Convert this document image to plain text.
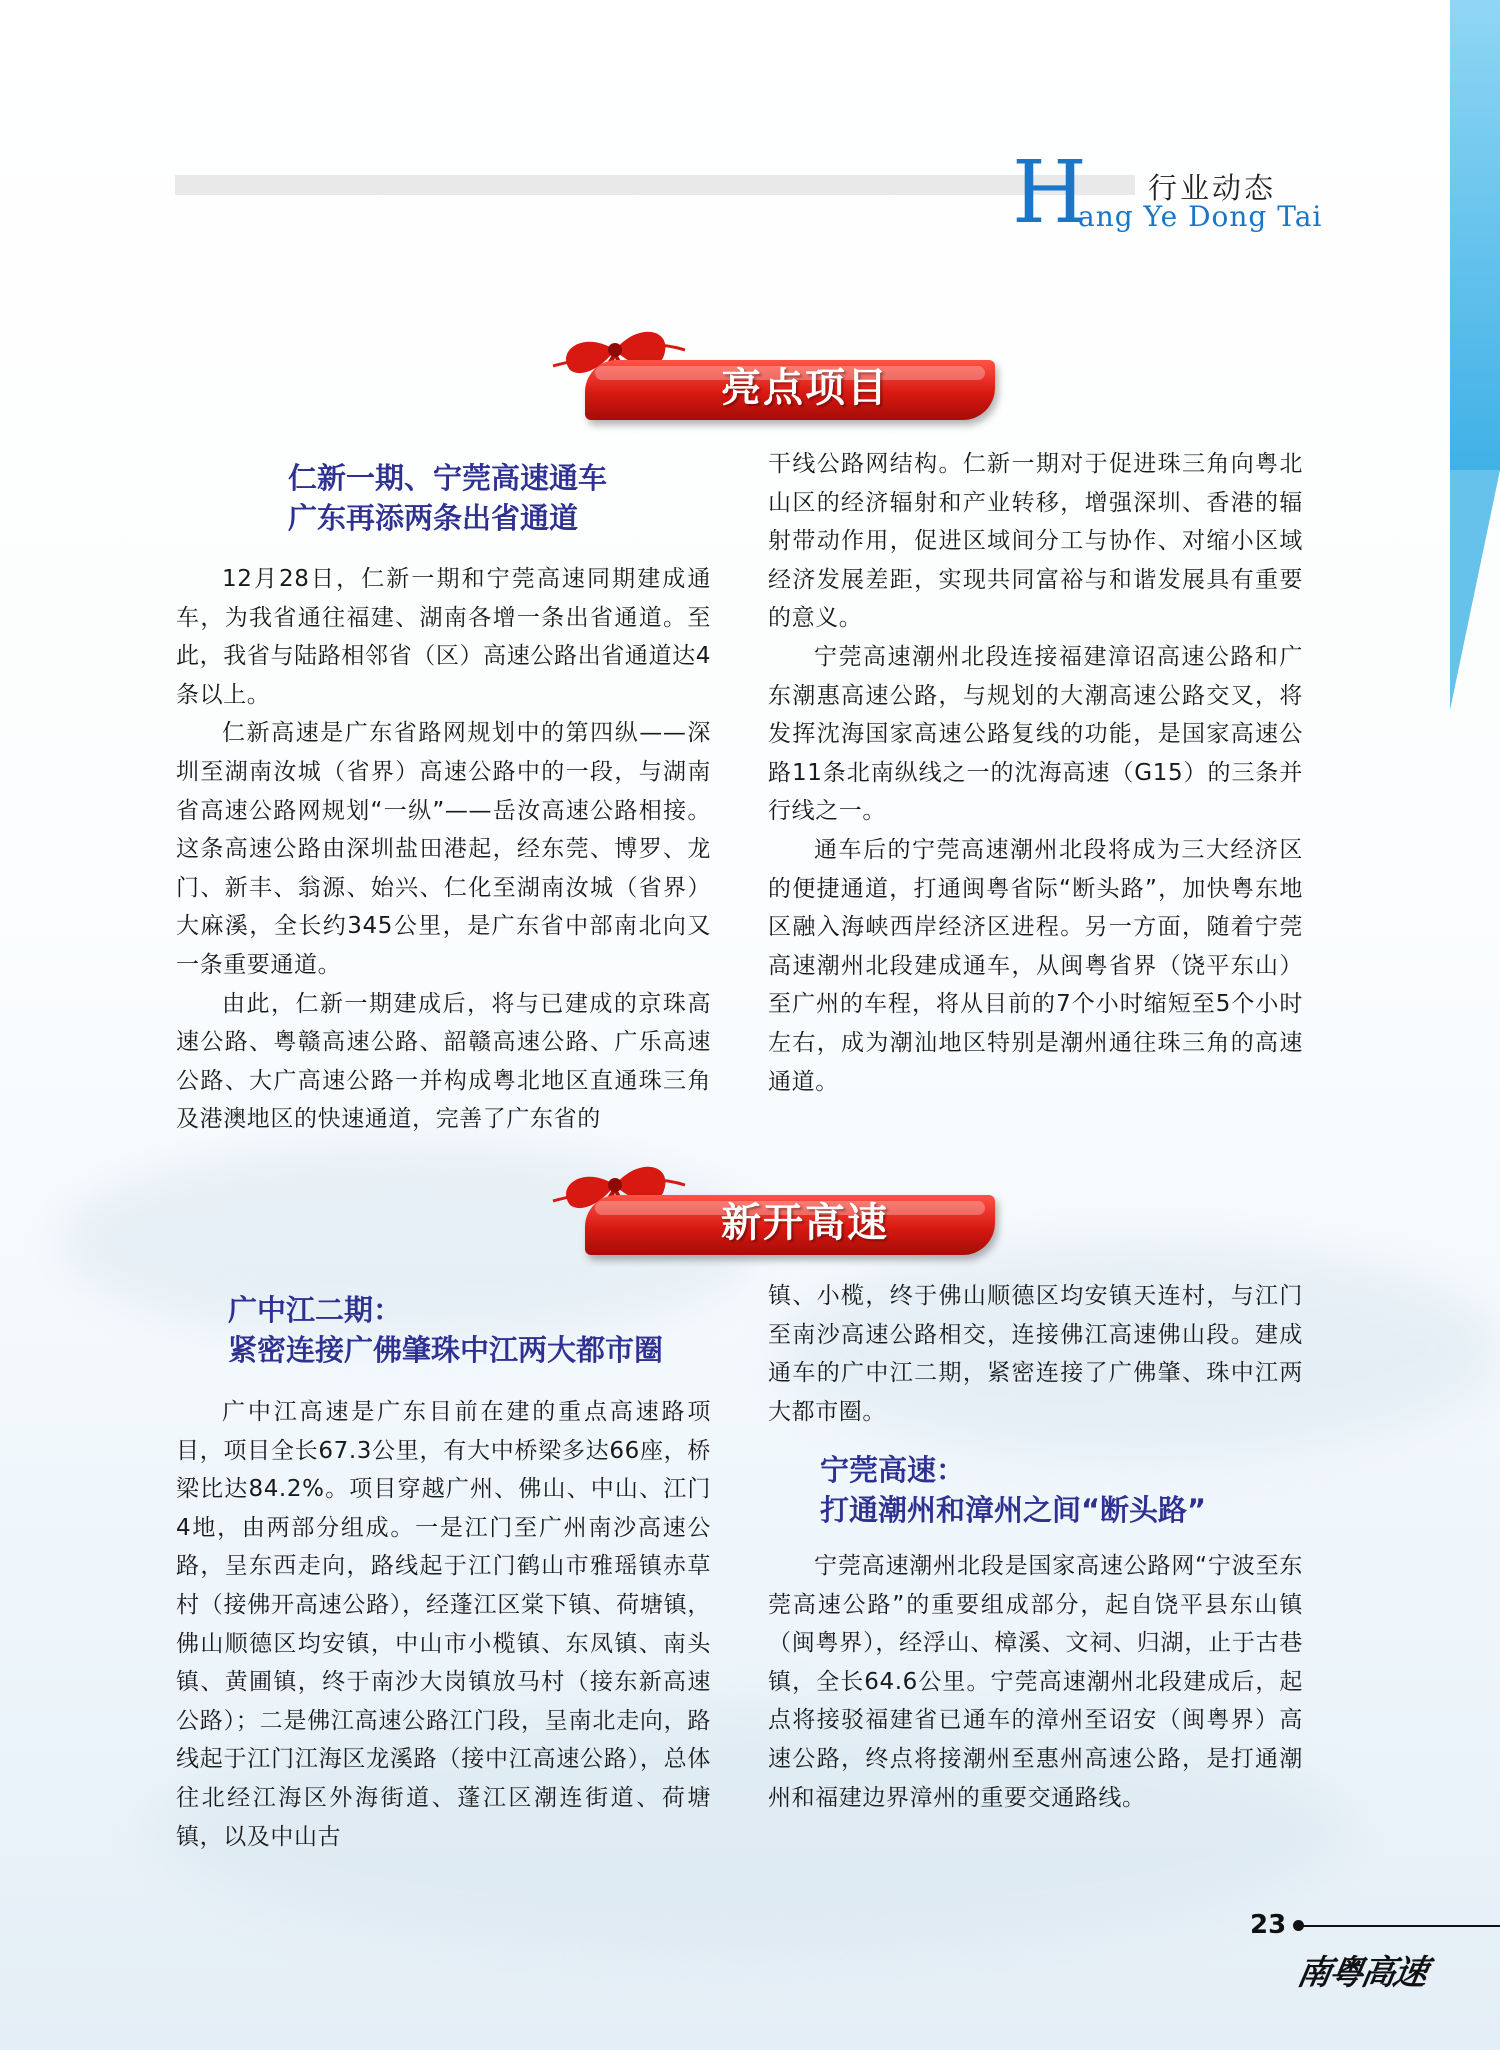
H 行业动态
ang Ye Dong Tai
亮点项目
仁新一期、宁莞高速通车
广东再添两条出省通道

12月28日，仁新一期和宁莞高速同期建成通车，为我省通往福建、湖南各增一条出省通道。至此，我省与陆路相邻省（区）高速公路出省通道达4条以上。

仁新高速是广东省路网规划中的第四纵——深圳至湖南汝城（省界）高速公路中的一段，与湖南省高速公路网规划“一纵”——岳汝高速公路相接。这条高速公路由深圳盐田港起，经东莞、博罗、龙门、新丰、翁源、始兴、仁化至湖南汝城（省界）大麻溪，全长约345公里，是广东省中部南北向又一条重要通道。

由此，仁新一期建成后，将与已建成的京珠高速公路、粤赣高速公路、韶赣高速公路、广乐高速公路、大广高速公路一并构成粤北地区直通珠三角及港澳地区的快速通道，完善了广东省的

干线公路网结构。仁新一期对于促进珠三角向粤北山区的经济辐射和产业转移，增强深圳、香港的辐射带动作用，促进区域间分工与协作、对缩小区域经济发展差距，实现共同富裕与和谐发展具有重要的意义。

宁莞高速潮州北段连接福建漳诏高速公路和广东潮惠高速公路，与规划的大潮高速公路交叉，将发挥沈海国家高速公路复线的功能，是国家高速公路11条北南纵线之一的沈海高速（G15）的三条并行线之一。

通车后的宁莞高速潮州北段将成为三大经济区的便捷通道，打通闽粤省际“断头路”，加快粤东地区融入海峡西岸经济区进程。另一方面，随着宁莞高速潮州北段建成通车，从闽粤省界（饶平东山）至广州的车程，将从目前的7个小时缩短至5个小时左右，成为潮汕地区特别是潮州通往珠三角的高速通道。

新开高速
广中江二期：
紧密连接广佛肇珠中江两大都市圈

广中江高速是广东目前在建的重点高速路项目，项目全长67.3公里，有大中桥梁多达66座，桥梁比达84.2%。项目穿越广州、佛山、中山、江门4地，由两部分组成。一是江门至广州南沙高速公路，呈东西走向，路线起于江门鹤山市雅瑶镇赤草村（接佛开高速公路），经蓬江区棠下镇、荷塘镇，佛山顺德区均安镇，中山市小榄镇、东凤镇、南头镇、黄圃镇，终于南沙大岗镇放马村（接东新高速公路）；二是佛江高速公路江门段，呈南北走向，路线起于江门江海区龙溪路（接中江高速公路），总体往北经江海区外海街道、蓬江区潮连街道、荷塘镇，以及中山古

镇、小榄，终于佛山顺德区均安镇天连村，与江门至南沙高速公路相交，连接佛江高速佛山段。建成通车的广中江二期，紧密连接了广佛肇、珠中江两大都市圈。

宁莞高速：
打通潮州和漳州之间“断头路”

宁莞高速潮州北段是国家高速公路网“宁波至东莞高速公路”的重要组成部分，起自饶平县东山镇（闽粤界），经浮山、樟溪、文祠、归湖，止于古巷镇，全长64.6公里。宁莞高速潮州北段建成后，起点将接驳福建省已通车的漳州至诏安（闽粤界）高速公路，终点将接潮州至惠州高速公路，是打通潮州和福建边界漳州的重要交通路线。

23
南粤高速
